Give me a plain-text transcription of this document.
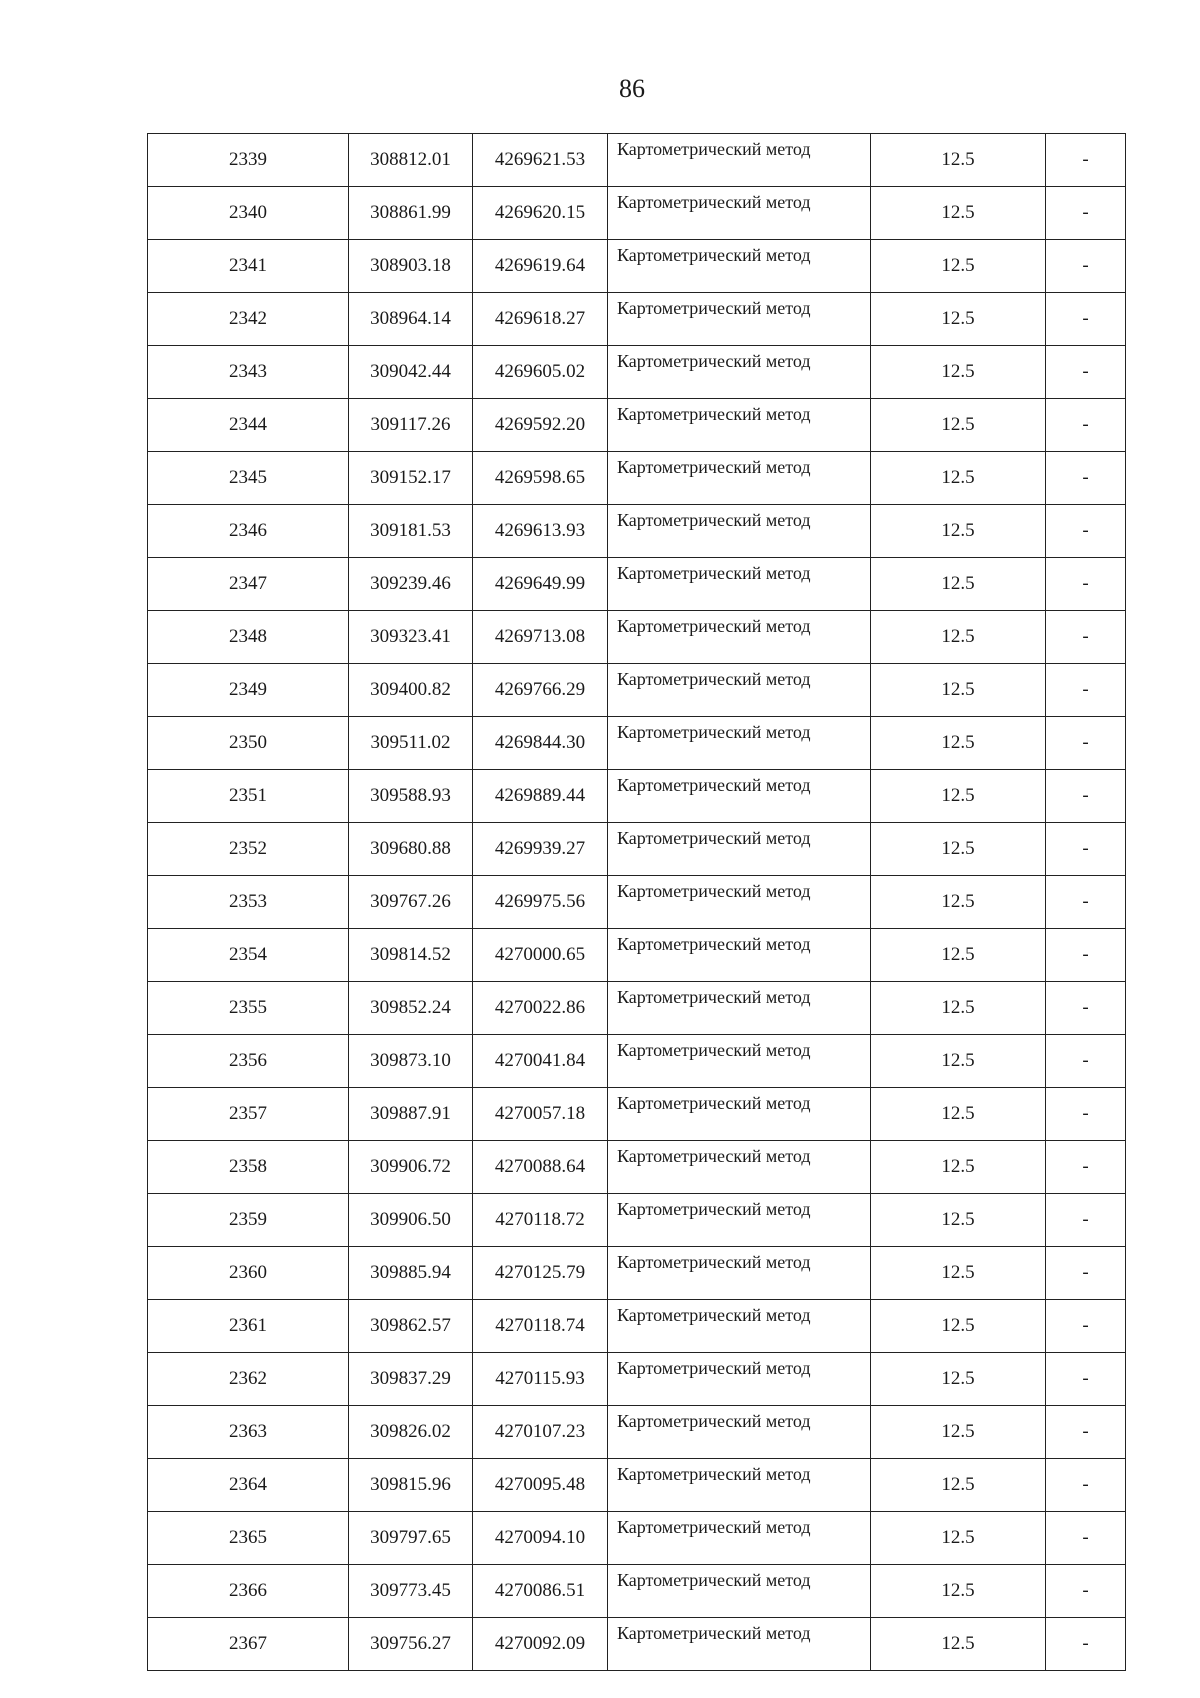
86
2339	308812.01	4269621.53	Картометрический метод	12.5	-
2340	308861.99	4269620.15	Картометрический метод	12.5	-
2341	308903.18	4269619.64	Картометрический метод	12.5	-
2342	308964.14	4269618.27	Картометрический метод	12.5	-
2343	309042.44	4269605.02	Картометрический метод	12.5	-
2344	309117.26	4269592.20	Картометрический метод	12.5	-
2345	309152.17	4269598.65	Картометрический метод	12.5	-
2346	309181.53	4269613.93	Картометрический метод	12.5	-
2347	309239.46	4269649.99	Картометрический метод	12.5	-
2348	309323.41	4269713.08	Картометрический метод	12.5	-
2349	309400.82	4269766.29	Картометрический метод	12.5	-
2350	309511.02	4269844.30	Картометрический метод	12.5	-
2351	309588.93	4269889.44	Картометрический метод	12.5	-
2352	309680.88	4269939.27	Картометрический метод	12.5	-
2353	309767.26	4269975.56	Картометрический метод	12.5	-
2354	309814.52	4270000.65	Картометрический метод	12.5	-
2355	309852.24	4270022.86	Картометрический метод	12.5	-
2356	309873.10	4270041.84	Картометрический метод	12.5	-
2357	309887.91	4270057.18	Картометрический метод	12.5	-
2358	309906.72	4270088.64	Картометрический метод	12.5	-
2359	309906.50	4270118.72	Картометрический метод	12.5	-
2360	309885.94	4270125.79	Картометрический метод	12.5	-
2361	309862.57	4270118.74	Картометрический метод	12.5	-
2362	309837.29	4270115.93	Картометрический метод	12.5	-
2363	309826.02	4270107.23	Картометрический метод	12.5	-
2364	309815.96	4270095.48	Картометрический метод	12.5	-
2365	309797.65	4270094.10	Картометрический метод	12.5	-
2366	309773.45	4270086.51	Картометрический метод	12.5	-
2367	309756.27	4270092.09	Картометрический метод	12.5	-
